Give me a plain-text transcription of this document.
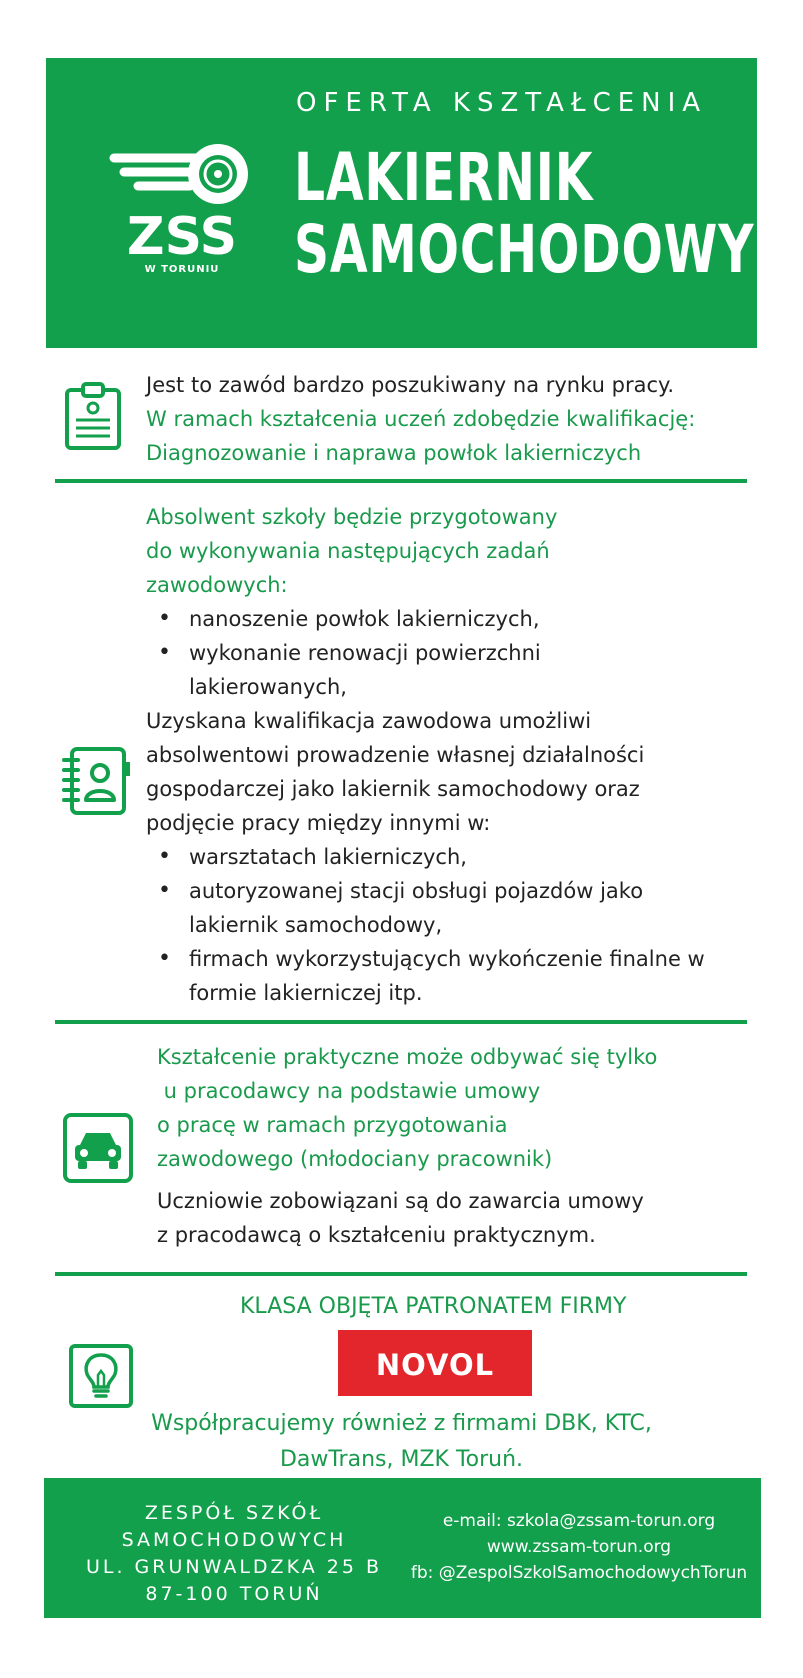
ZSS
W TORUNIU
OFERTA KSZTAŁCENIA
LAKIERNIK
SAMOCHODOWY

Jest to zawód bardzo poszukiwany na rynku pracy.

W ramach kształcenia uczeń zdobędzie kwalifikację:

Diagnozowanie i naprawa powłok lakierniczych

Absolwent szkoły będzie przygotowany

do wykonywania następujących zadań

zawodowych:

• nanoszenie powłok lakierniczych,
• wykonanie renowacji powierzchni lakierowanych,

Uzyskana kwalifikacja zawodowa umożliwi

absolwentowi prowadzenie własnej działalności

gospodarczej jako lakiernik samochodowy oraz

podjęcie pracy między innymi w:

• warsztatach lakierniczych,
• autoryzowanej stacji obsługi pojazdów jako lakiernik samochodowy,
• firmach wykorzystujących wykończenie finalne w formie lakierniczej itp.

Kształcenie praktyczne może odbywać się tylko

u pracodawcy na podstawie umowy

o pracę w ramach przygotowania

zawodowego (młodociany pracownik)

Uczniowie zobowiązani są do zawarcia umowy

z pracodawcą o kształceniu praktycznym.

KLASA OBJĘTA PATRONATEM FIRMY
NOVOL

Współpracujemy również z firmami DBK, KTC,

DawTrans, MZK Toruń.

ZESPÓŁ SZKÓŁ
SAMOCHODOWYCH
UL. GRUNWALDZKA 25 B
87-100 TORUŃ
e-mail: szkola@zssam-torun.org
www.zssam-torun.org
fb: @ZespolSzkolSamochodowychTorun
